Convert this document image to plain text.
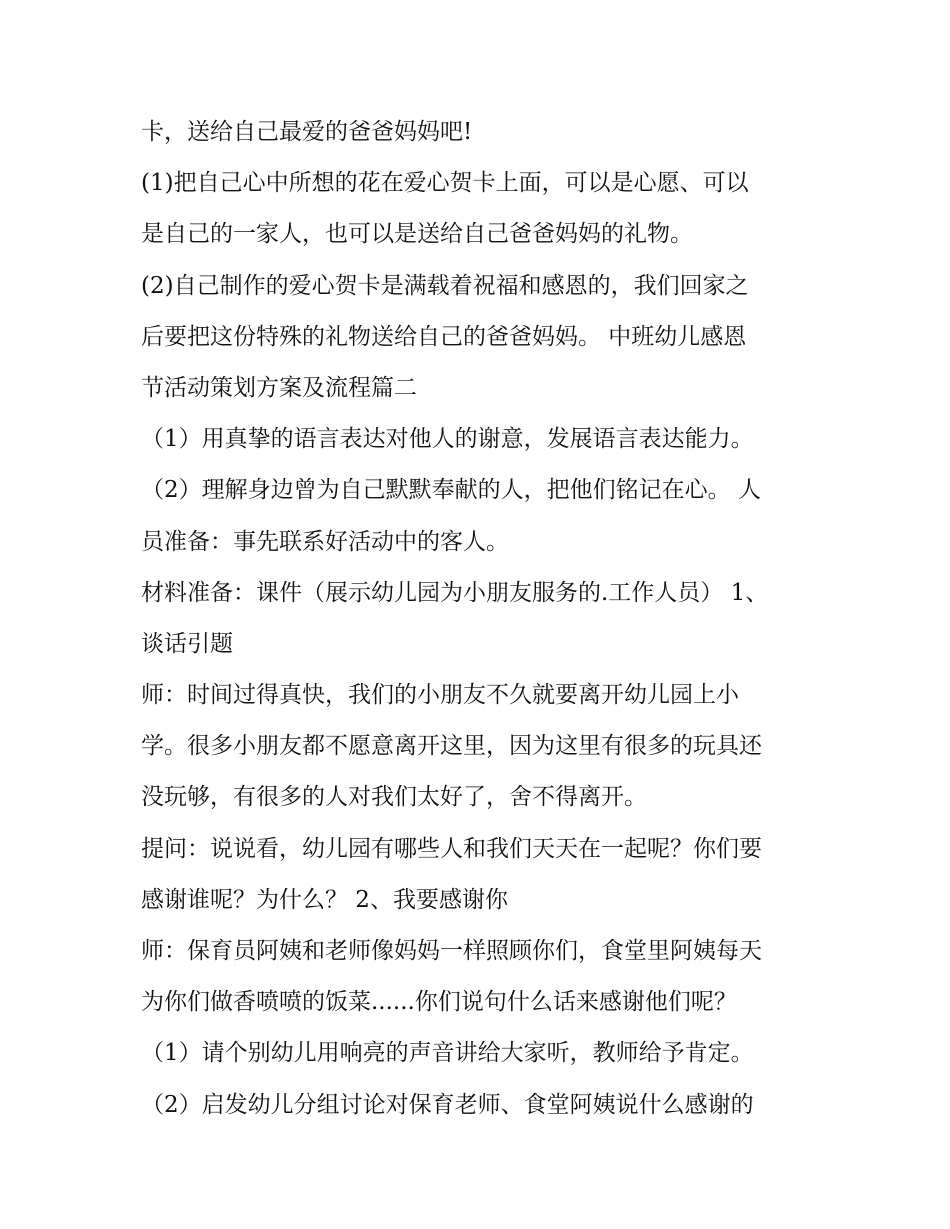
卡，送给自己最爱的爸爸妈妈吧!
(1)把自己心中所想的花在爱心贺卡上面，可以是心愿、可以
是自己的一家人，也可以是送给自己爸爸妈妈的礼物。
(2)自己制作的爱心贺卡是满载着祝福和感恩的，我们回家之
后要把这份特殊的礼物送给自己的爸爸妈妈。 中班幼儿感恩
节活动策划方案及流程篇二
（1）用真挚的语言表达对他人的谢意，发展语言表达能力。
（2）理解身边曾为自己默默奉献的人，把他们铭记在心。 人
员准备：事先联系好活动中的客人。
材料准备：课件（展示幼儿园为小朋友服务的.工作人员） 1、
谈话引题
师：时间过得真快，我们的小朋友不久就要离开幼儿园上小
学。很多小朋友都不愿意离开这里，因为这里有很多的玩具还
没玩够，有很多的人对我们太好了，舍不得离开。
提问：说说看，幼儿园有哪些人和我们天天在一起呢？你们要
感谢谁呢？为什么？ 2、我要感谢你
师：保育员阿姨和老师像妈妈一样照顾你们，食堂里阿姨每天
为你们做香喷喷的饭菜......你们说句什么话来感谢他们呢？
（1）请个别幼儿用响亮的声音讲给大家听，教师给予肯定。
（2）启发幼儿分组讨论对保育老师、食堂阿姨说什么感谢的
